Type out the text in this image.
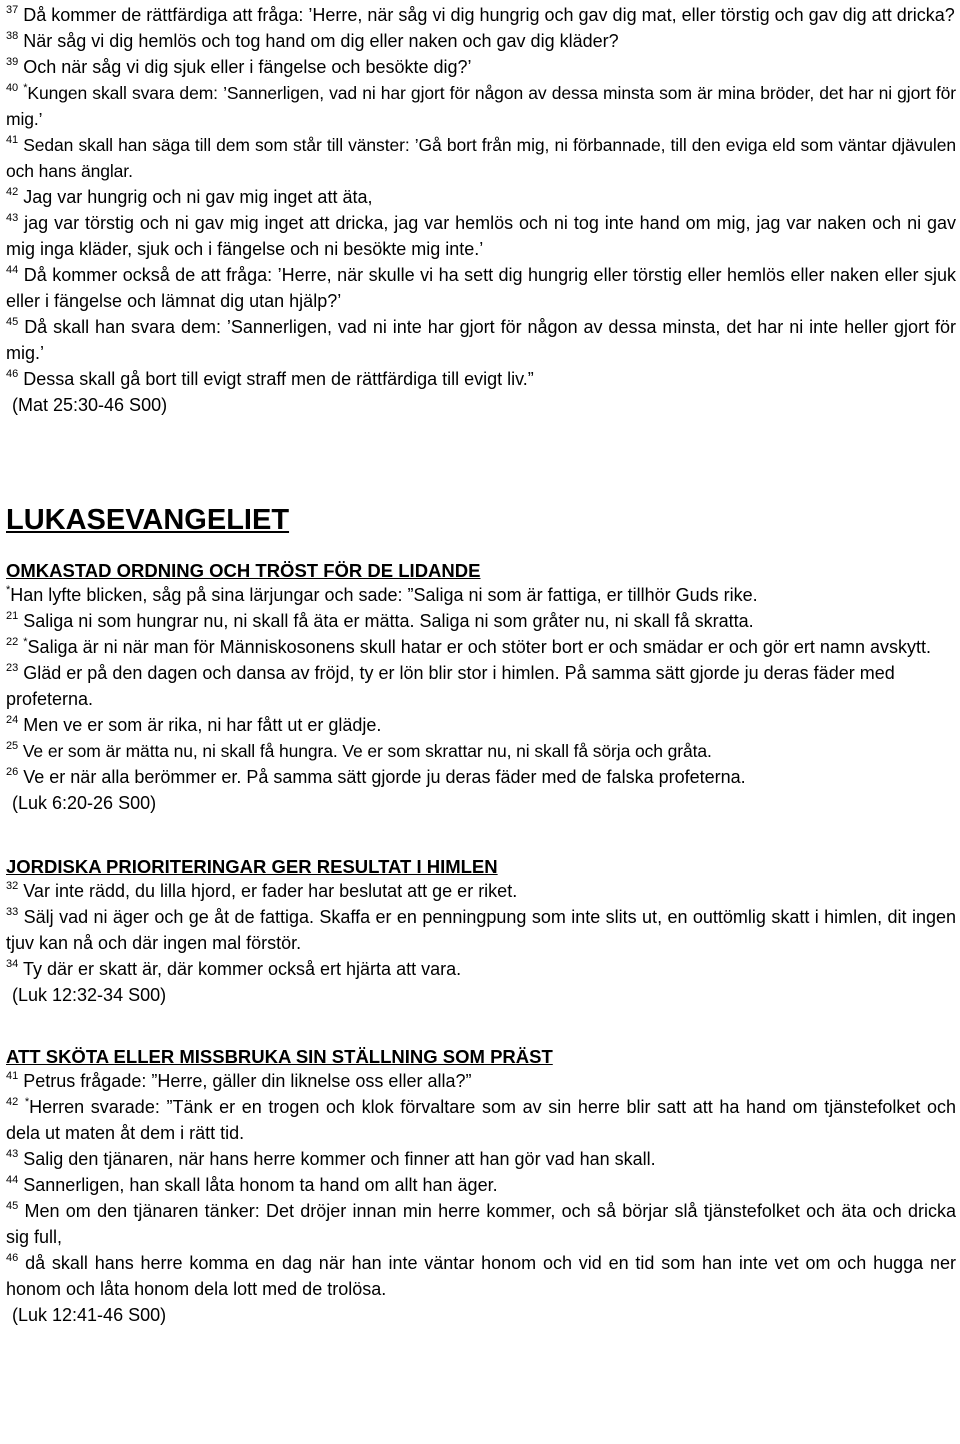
$^{37}$ Då kommer de rättfärdiga att fråga: ’Herre, när såg vi dig hungrig och gav dig mat, eller törstig och gav dig att dricka?
$^{38}$ När såg vi dig hemlös och tog hand om dig eller naken och gav dig kläder?
$^{39}$ Och när såg vi dig sjuk eller i fängelse och besökte dig?’

$^{40}$ *Kungen skall svara dem: ’Sannerligen, vad ni har gjort för någon av dessa minsta som är mina bröder, det har ni gjort för mig.’

$^{41}$ Sedan skall han säga till dem som står till vänster: ’Gå bort från mig, ni förbannade, till den eviga eld som väntar djävulen och hans änglar.

$^{42}$ Jag var hungrig och ni gav mig inget att äta,

$^{43}$ jag var törstig och ni gav mig inget att dricka, jag var hemlös och ni tog inte hand om mig, jag var naken och ni gav mig inga kläder, sjuk och i fängelse och ni besökte mig inte.’

$^{44}$ Då kommer också de att fråga: ’Herre, när skulle vi ha sett dig hungrig eller törstig eller hemlös eller naken eller sjuk eller i fängelse och lämnat dig utan hjälp?’

$^{45}$ Då skall han svara dem: ’Sannerligen, vad ni inte har gjort för någon av dessa minsta, det har ni inte heller gjort för mig.’

$^{46}$ Dessa skall gå bort till evigt straff men de rättfärdiga till evigt liv.”

(Mat 25:30-46 S00)

LUKASEVANGELIET
OMKASTAD ORDNING OCH TRÖST FÖR DE LIDANDE

*Han lyfte blicken, såg på sina lärjungar och sade: ”Saliga ni som är fattiga, er tillhör Guds rike.

$^{21}$ Saliga ni som hungrar nu, ni skall få äta er mätta. Saliga ni som gråter nu, ni skall få skratta.

$^{22}$ *Saliga är ni när man för Människosonens skull hatar er och stöter bort er och smädar er och gör ert namn avskytt.

$^{23}$ Gläd er på den dagen och dansa av fröjd, ty er lön blir stor i himlen. På samma sätt gjorde ju deras fäder med profeterna.

$^{24}$ Men ve er som är rika, ni har fått ut er glädje.

$^{25}$ Ve er som är mätta nu, ni skall få hungra. Ve er som skrattar nu, ni skall få sörja och gråta.

$^{26}$ Ve er när alla berömmer er. På samma sätt gjorde ju deras fäder med de falska profeterna.

(Luk 6:20-26 S00)

JORDISKA PRIORITERINGAR GER RESULTAT I HIMLEN

$^{32}$ Var inte rädd, du lilla hjord, er fader har beslutat att ge er riket.

$^{33}$ Sälj vad ni äger och ge åt de fattiga. Skaffa er en penningpung som inte slits ut, en outtömlig skatt i himlen, dit ingen tjuv kan nå och där ingen mal förstör.

$^{34}$ Ty där er skatt är, där kommer också ert hjärta att vara.

(Luk 12:32-34 S00)

ATT SKÖTA ELLER MISSBRUKA SIN STÄLLNING SOM PRÄST

$^{41}$ Petrus frågade: ”Herre, gäller din liknelse oss eller alla?”

$^{42}$ *Herren svarade: ”Tänk er en trogen och klok förvaltare som av sin herre blir satt att ha hand om tjänstefolket och dela ut maten åt dem i rätt tid.

$^{43}$ Salig den tjänaren, när hans herre kommer och finner att han gör vad han skall.

$^{44}$ Sannerligen, han skall låta honom ta hand om allt han äger.

$^{45}$ Men om den tjänaren tänker: Det dröjer innan min herre kommer, och så börjar slå tjänstefolket och äta och dricka sig full,

$^{46}$ då skall hans herre komma en dag när han inte väntar honom och vid en tid som han inte vet om och hugga ner honom och låta honom dela lott med de trolösa.

(Luk 12:41-46 S00)
